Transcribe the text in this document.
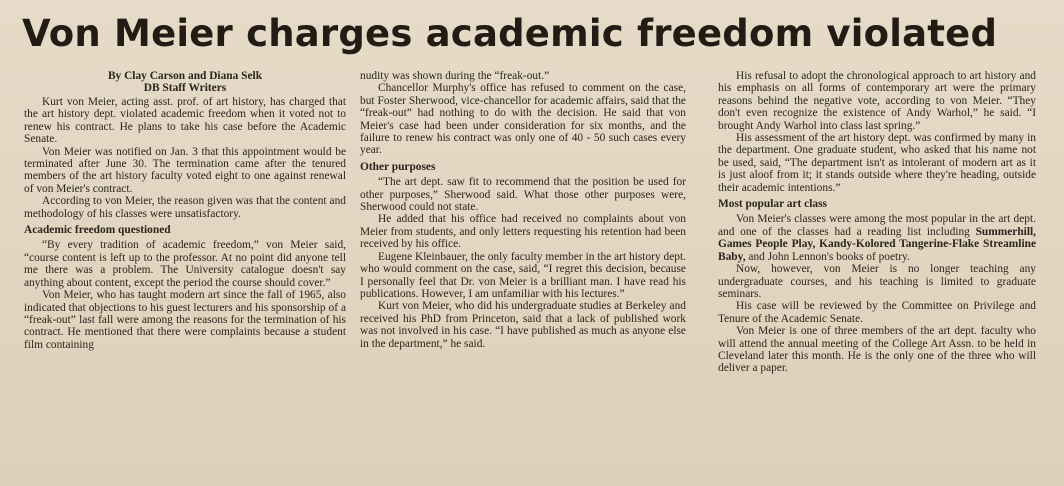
Von Meier charges academic freedom violated
By Clay Carson and Diana Selk
DB Staff Writers

Kurt von Meier, acting asst. prof. of art history, has charged that the art history dept. violated academic freedom when it voted not to renew his contract. He plans to take his case before the Academic Senate.

Von Meier was notified on Jan. 3 that this appointment would be terminated after June 30. The termination came after the tenured members of the art history faculty voted eight to one against renewal of von Meier's contract.

According to von Meier, the reason given was that the content and methodology of his classes were unsatisfactory.

Academic freedom questioned

“By every tradition of academic freedom,” von Meier said, “course content is left up to the professor. At no point did anyone tell me there was a problem. The University catalogue doesn't say anything about content, except the period the course should cover.”

Von Meier, who has taught modern art since the fall of 1965, also indicated that objections to his guest lecturers and his sponsorship of a “freak-out” last fall were among the reasons for the termination of his contract. He mentioned that there were complaints because a student film containing

nudity was shown during the “freak-out.”

Chancellor Murphy's office has refused to comment on the case, but Foster Sherwood, vice-chancellor for academic affairs, said that the “freak-out” had nothing to do with the decision. He said that von Meier's case had been under consideration for six months, and the failure to renew his contract was only one of 40 - 50 such cases every year.

Other purposes

“The art dept. saw fit to recommend that the position be used for other purposes,” Sherwood said. What those other purposes were, Sherwood could not state.

He added that his office had received no complaints about von Meier from students, and only letters requesting his retention had been received by his office.

Eugene Kleinbauer, the only faculty member in the art history dept. who would comment on the case, said, “I regret this decision, because I personally feel that Dr. von Meier is a brilliant man. I have read his publications. However, I am unfamiliar with his lectures.”

Kurt von Meier, who did his undergraduate studies at Berkeley and received his PhD from Princeton, said that a lack of published work was not involved in his case. “I have published as much as anyone else in the department,” he said.

His refusal to adopt the chronological approach to art history and his emphasis on all forms of contemporary art were the primary reasons behind the negative vote, according to von Meier. “They don't even recognize the existence of Andy Warhol,” he said. “I brought Andy Warhol into class last spring.”

His assessment of the art history dept. was confirmed by many in the department. One graduate student, who asked that his name not be used, said, “The department isn't as intolerant of modern art as it is just aloof from it; it stands outside where they're heading, outside their academic intentions.”

Most popular art class

Von Meier's classes were among the most popular in the art dept. and one of the classes had a reading list including Summerhill, Games People Play, Kandy-Kolored Tangerine-Flake Streamline Baby, and John Lennon's books of poetry.

Now, however, von Meier is no longer teaching any undergraduate courses, and his teaching is limited to graduate seminars.

His case will be reviewed by the Committee on Privilege and Tenure of the Academic Senate.

Von Meier is one of three members of the art dept. faculty who will attend the annual meeting of the College Art Assn. to be held in Cleveland later this month. He is the only one of the three who will deliver a paper.
